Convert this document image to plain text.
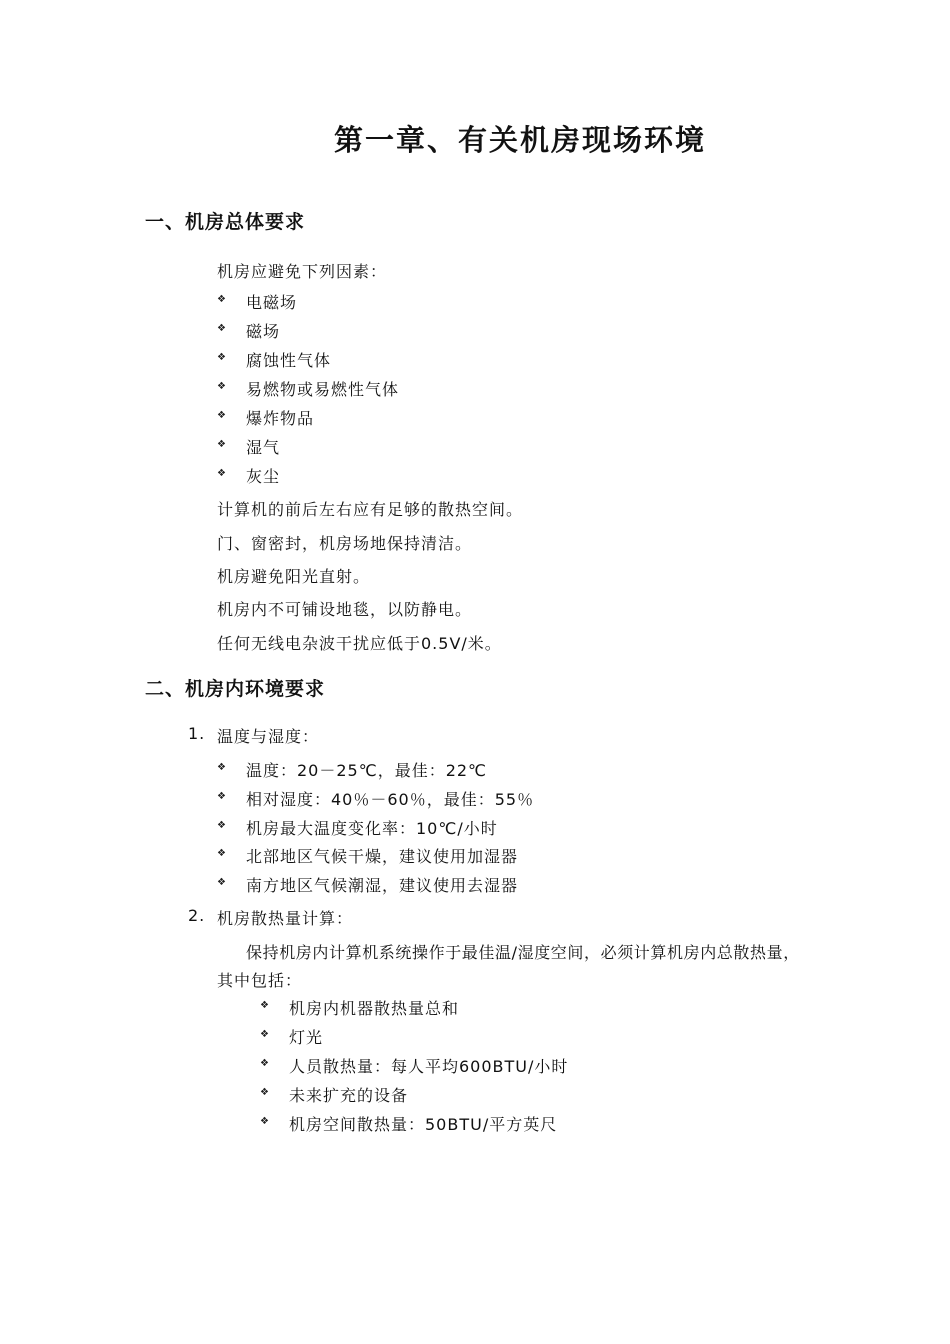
第一章、有关机房现场环境
一、机房总体要求
机房应避免下列因素：
❖ 电磁场
❖ 磁场
❖ 腐蚀性气体
❖ 易燃物或易燃性气体
❖ 爆炸物品
❖ 湿气
❖ 灰尘
计算机的前后左右应有足够的散热空间。
门、窗密封，机房场地保持清洁。
机房避免阳光直射。
机房内不可铺设地毯，以防静电。
任何无线电杂波干扰应低于0.5V/米。
二、机房内环境要求
1. 温度与湿度：
❖ 温度：20－25℃，最佳：22℃
❖ 相对湿度：40％－60％，最佳：55％
❖ 机房最大温度变化率：10℃/小时
❖ 北部地区气候干燥，建议使用加湿器
❖ 南方地区气候潮湿，建议使用去湿器
2. 机房散热量计算：
保持机房内计算机系统操作于最佳温/湿度空间，必须计算机房内总散热量，
其中包括：
❖ 机房内机器散热量总和
❖ 灯光
❖ 人员散热量：每人平均600BTU/小时
❖ 未来扩充的设备
❖ 机房空间散热量：50BTU/平方英尺
